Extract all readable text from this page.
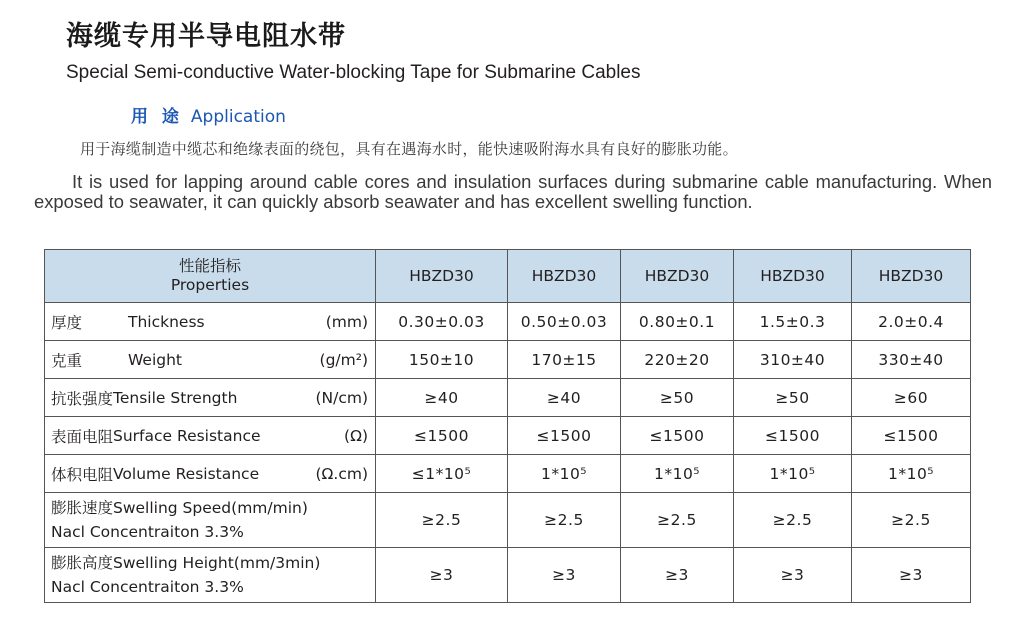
海缆专用半导电阻水带
Special Semi-conductive Water-blocking Tape for Submarine Cables
用 途 Application
用于海缆制造中缆芯和绝缘表面的绕包，具有在遇海水时，能快速吸附海水具有良好的膨胀功能。

It is used for lapping around cable cores and insulation surfaces during submarine cable manufacturing. When exposed to seawater, it can quickly absorb seawater and has excellent swelling function.

性能指标
Properties	HBZD30	HBZD30	HBZD30	HBZD30	HBZD30

厚度 Thickness (mm)	0.30±0.03	0.50±0.03	0.80±0.1	1.5±0.3	2.0±0.4

克重 Weight (g/m²)	150±10	170±15	220±20	310±40	330±40

抗张强度 Tensile Strength (N/cm)	≥40	≥40	≥50	≥50	≥60

表面电阻 Surface Resistance (Ω)	≤1500	≤1500	≤1500	≤1500	≤1500

体积电阻 Volume Resistance (Ω.cm)	≤1*10⁵	1*10⁵	1*10⁵	1*10⁵	1*10⁵

膨胀速度Swelling Speed(mm/min)
Nacl Concentraiton 3.3%	≥2.5	≥2.5	≥2.5	≥2.5	≥2.5

膨胀高度Swelling Height(mm/3min)
Nacl Concentraiton 3.3%	≥3	≥3	≥3	≥3	≥3
